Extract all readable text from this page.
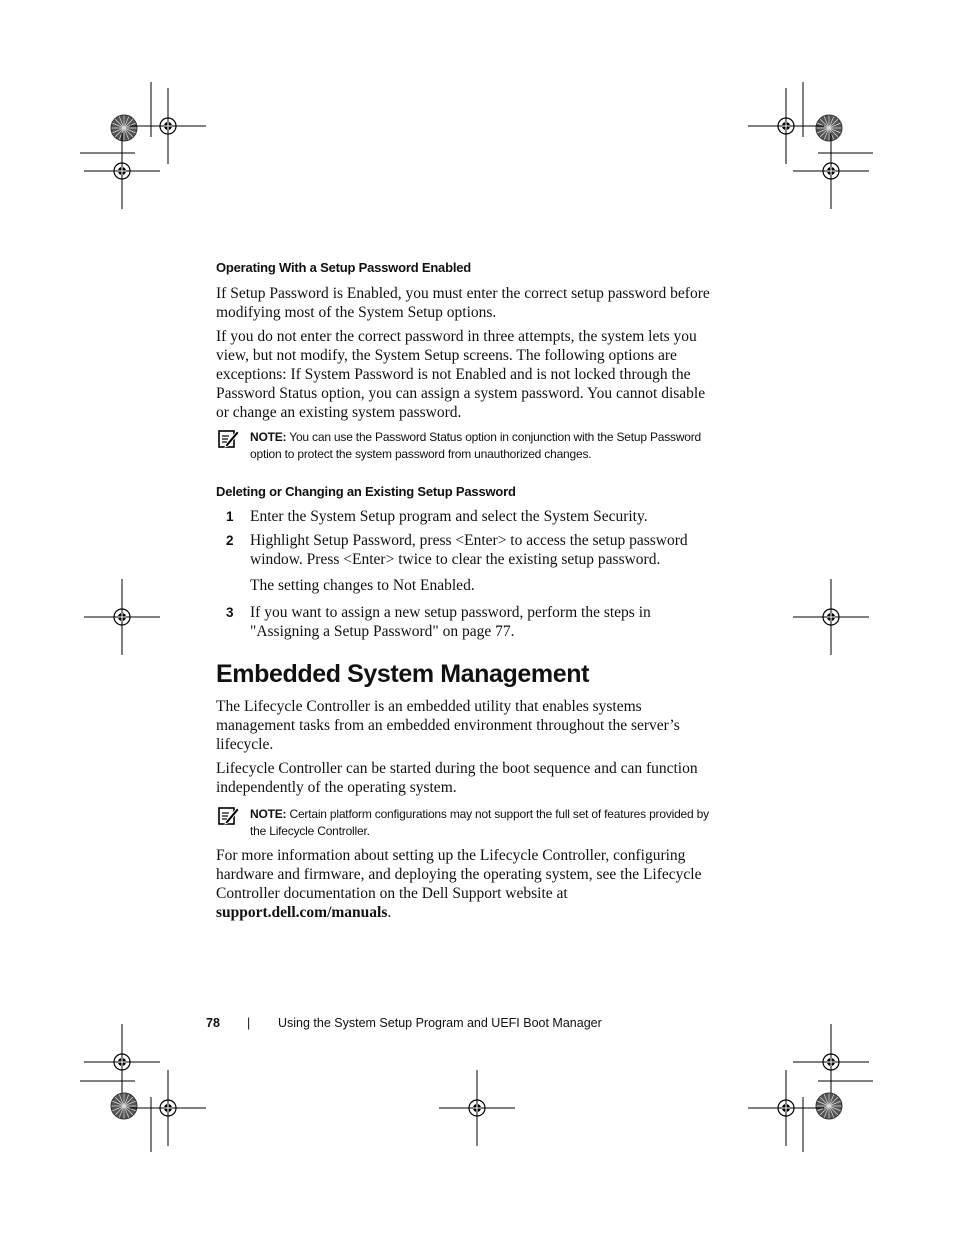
Operating With a Setup Password Enabled
If Setup Password is Enabled, you must enter the correct setup password before modifying most of the System Setup options.
If you do not enter the correct password in three attempts, the system lets you view, but not modify, the System Setup screens. The following options are exceptions: If System Password is not Enabled and is not locked through the Password Status option, you can assign a system password. You cannot disable or change an existing system password.
NOTE: You can use the Password Status option in conjunction with the Setup Password option to protect the system password from unauthorized changes.
Deleting or Changing an Existing Setup Password
1 Enter the System Setup program and select the System Security.
2 Highlight Setup Password, press <Enter> to access the setup password window. Press <Enter> twice to clear the existing setup password.
The setting changes to Not Enabled.
3 If you want to assign a new setup password, perform the steps in "Assigning a Setup Password" on page 77.
Embedded System Management
The Lifecycle Controller is an embedded utility that enables systems management tasks from an embedded environment throughout the server’s lifecycle.
Lifecycle Controller can be started during the boot sequence and can function independently of the operating system.
NOTE: Certain platform configurations may not support the full set of features provided by the Lifecycle Controller.
For more information about setting up the Lifecycle Controller, configuring hardware and firmware, and deploying the operating system, see the Lifecycle Controller documentation on the Dell Support website at support.dell.com/manuals.
78 | Using the System Setup Program and UEFI Boot Manager
